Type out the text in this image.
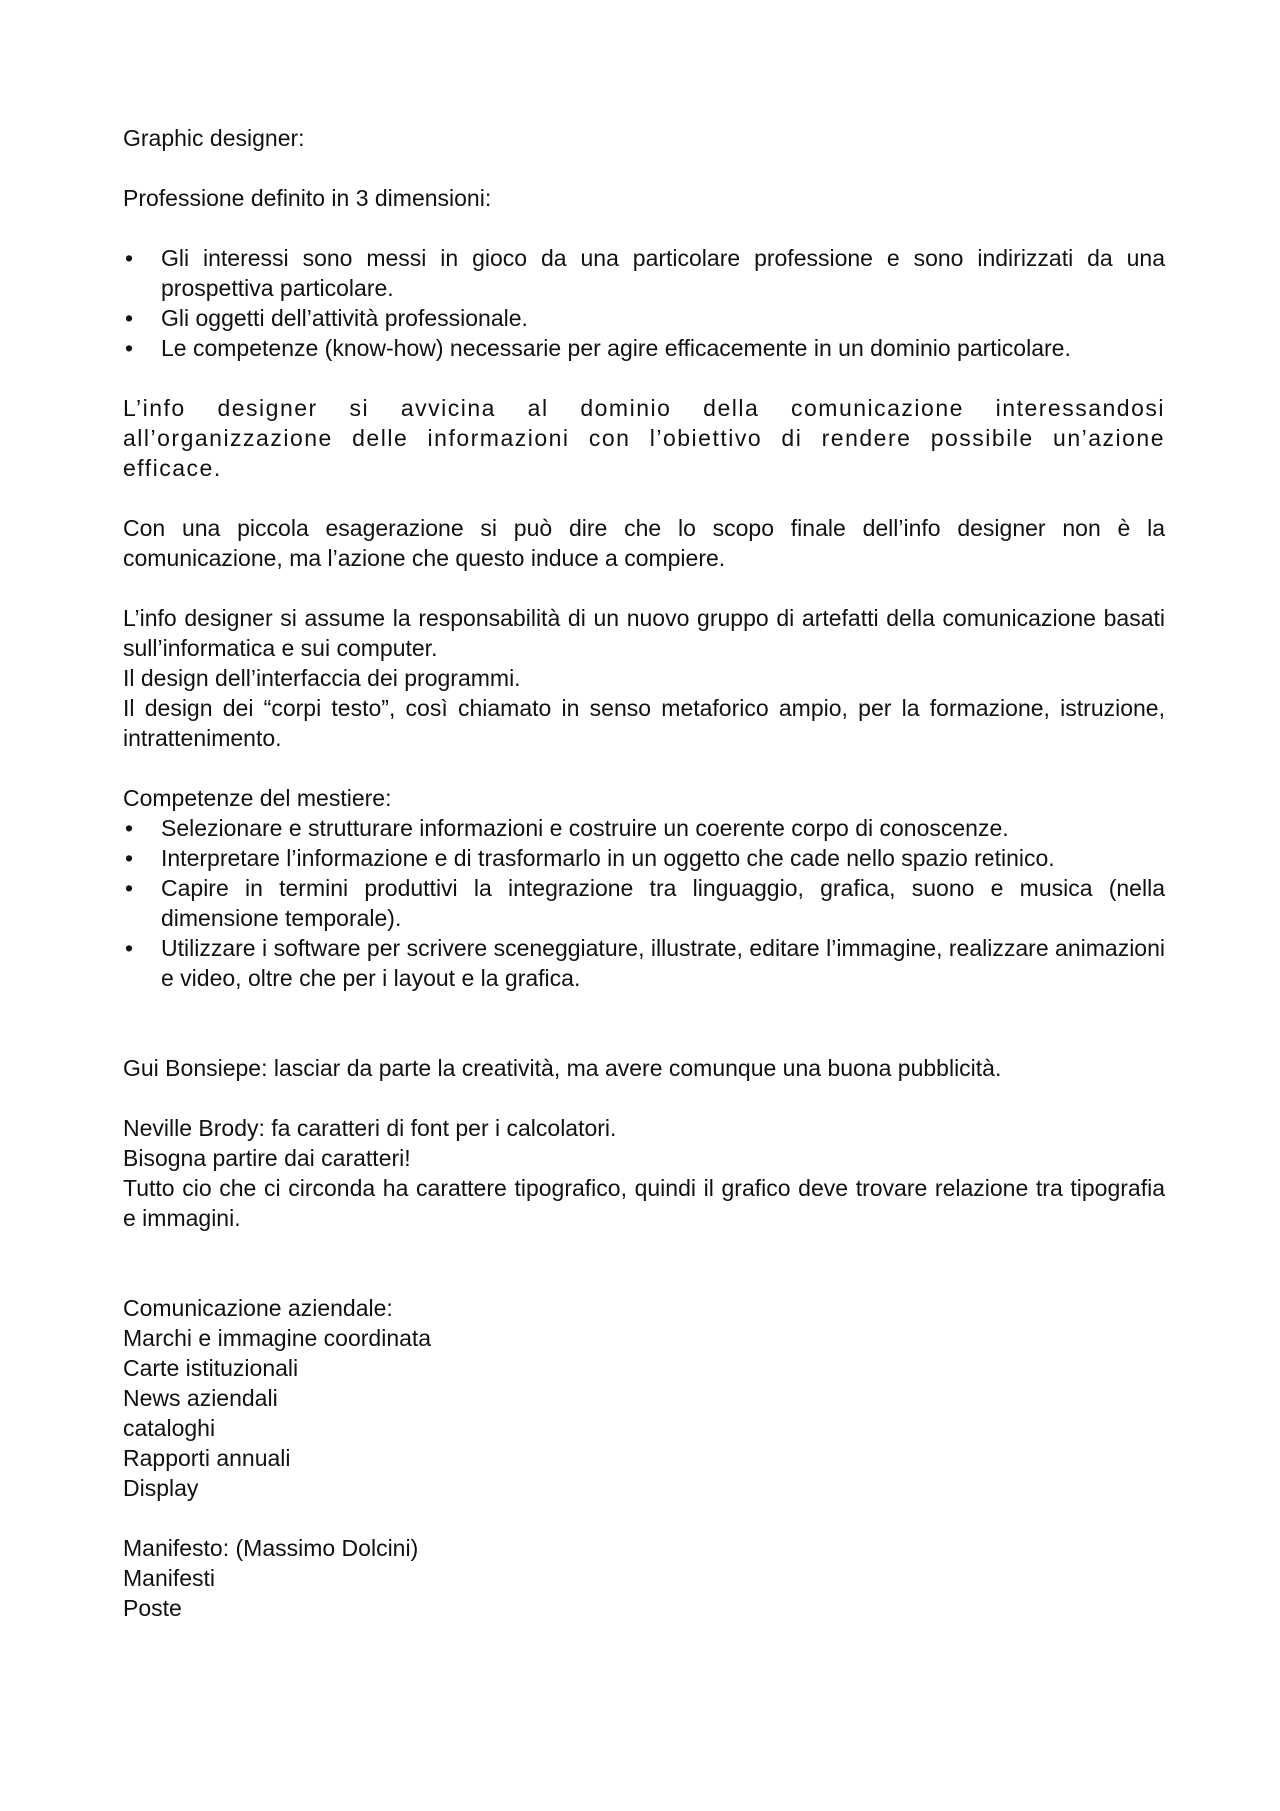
Graphic designer:

Professione definito in 3 dimensioni:

•	Gli interessi sono messi in gioco da una particolare professione e sono indirizzati da una prospettiva particolare.
•	Gli oggetti dell’attività professionale.
•	Le competenze (know-how) necessarie per agire efficacemente in un dominio particolare.

L’info designer si avvicina al dominio della comunicazione interessandosi all’organizzazione delle informazioni con l’obiettivo di rendere possibile un’azione efficace.

Con una piccola esagerazione si può dire che lo scopo finale dell’info designer non è la comunicazione, ma l’azione che questo induce a compiere.

L’info designer si assume la responsabilità di un nuovo gruppo di artefatti della comunicazione basati sull’informatica e sui computer.

Il design dell’interfaccia dei programmi.

Il design dei “corpi testo”, così chiamato in senso metaforico ampio, per la formazione, istruzione, intrattenimento.

Competenze del mestiere:

•	Selezionare e strutturare informazioni e costruire un coerente corpo di conoscenze.
•	Interpretare l’informazione e di trasformarlo in un oggetto che cade nello spazio retinico.
•	Capire in termini produttivi la integrazione tra linguaggio, grafica, suono e musica (nella dimensione temporale).
•	Utilizzare i software per scrivere sceneggiature, illustrate, editare l’immagine, realizzare animazioni e video, oltre che per i layout e la grafica.

Gui Bonsiepe: lasciar da parte la creatività, ma avere comunque una buona pubblicità.

Neville Brody: fa caratteri di font per i calcolatori.

Bisogna partire dai caratteri!

Tutto cio che ci circonda ha carattere tipografico, quindi il grafico deve trovare relazione tra tipografia e immagini.

Comunicazione aziendale:

Marchi e immagine coordinata

Carte istituzionali

News aziendali

cataloghi

Rapporti annuali

Display

Manifesto: (Massimo Dolcini)

Manifesti

Poste
